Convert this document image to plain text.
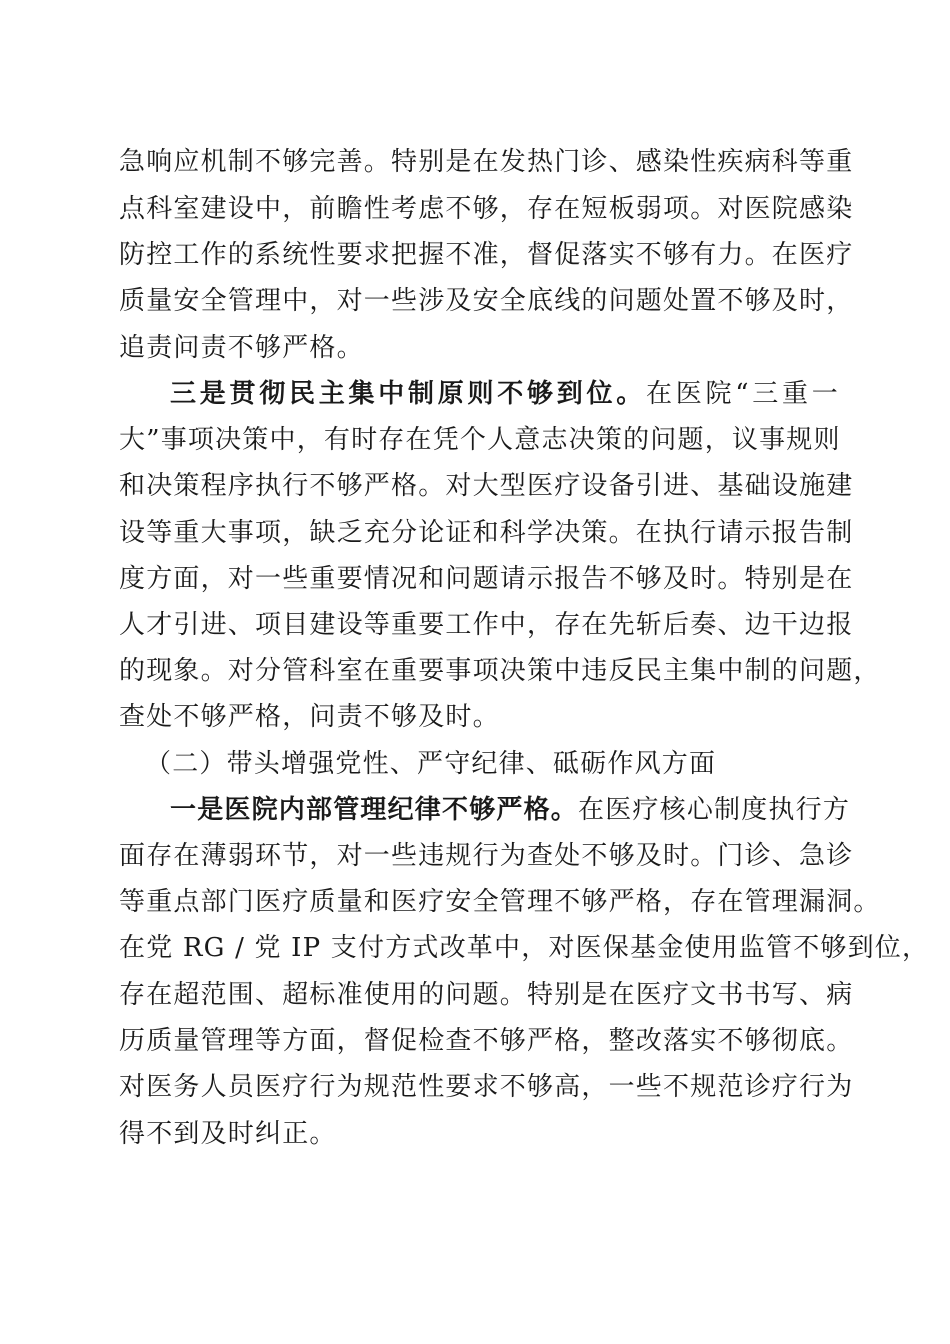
急响应机制不够完善。特别是在发热门诊、感染性疾病科等重
点科室建设中，前瞻性考虑不够，存在短板弱项。对医院感染
防控工作的系统性要求把握不准，督促落实不够有力。在医疗
质量安全管理中，对一些涉及安全底线的问题处置不够及时，
追责问责不够严格。
三是贯彻民主集中制原则不够到位。在医院“三重一
大”事项决策中，有时存在凭个人意志决策的问题，议事规则
和决策程序执行不够严格。对大型医疗设备引进、基础设施建
设等重大事项，缺乏充分论证和科学决策。在执行请示报告制
度方面，对一些重要情况和问题请示报告不够及时。特别是在
人才引进、项目建设等重要工作中，存在先斩后奏、边干边报
的现象。对分管科室在重要事项决策中违反民主集中制的问题，
查处不够严格，问责不够及时。
（二）带头增强党性、严守纪律、砥砺作风方面
一是医院内部管理纪律不够严格。在医疗核心制度执行方
面存在薄弱环节，对一些违规行为查处不够及时。门诊、急诊
等重点部门医疗质量和医疗安全管理不够严格，存在管理漏洞。
在党 RG / 党 IP 支付方式改革中，对医保基金使用监管不够到位，
存在超范围、超标准使用的问题。特别是在医疗文书书写、病
历质量管理等方面，督促检查不够严格，整改落实不够彻底。
对医务人员医疗行为规范性要求不够高，一些不规范诊疗行为
得不到及时纠正。
